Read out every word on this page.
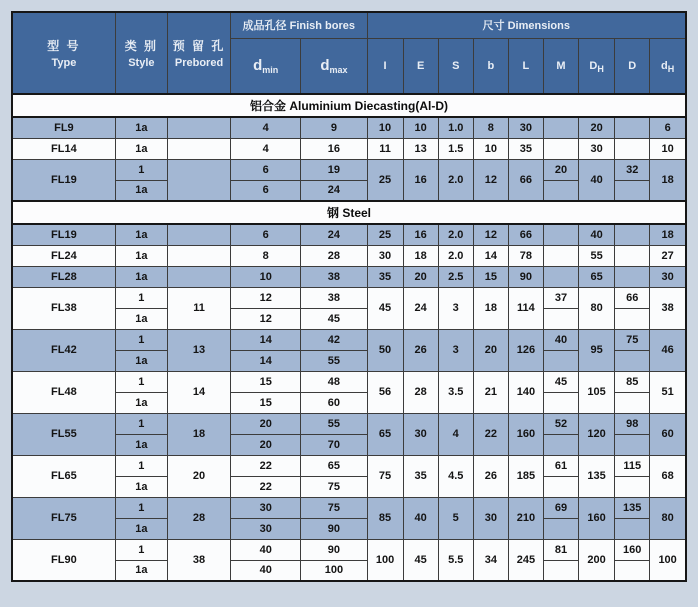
型 号
Type

类 别
Style

预 留 孔
Prebored
	成品孔径 Finish bores	尺寸 Dimensions
			$d_{min}$	$d_{max}$	I	E	S	b	L	M	$D_H$	D	$d_H$
铝合金 Aluminium Diecasting(Al-D)													
FL9	1a		4	9	10	10	1.0	8	30		20		6
FL14	1a		4	16	11	13	1.5	10	35		30		10
FL19	1		6	19	25	16	2.0	12	66	20	40	32	18
	1a		6	24									
钢 Steel													
FL19	1a		6	24	25	16	2.0	12	66		40		18
FL24	1a		8	28	30	18	2.0	14	78		55		27
FL28	1a		10	38	35	20	2.5	15	90		65		30
FL38	1	11	12	38	45	24	3	18	114	37	80	66	38
	1a		12	45									
FL42	1	13	14	42	50	26	3	20	126	40	95	75	46
	1a		14	55									
FL48	1	14	15	48	56	28	3.5	21	140	45	105	85	51
	1a		15	60									
FL55	1	18	20	55	65	30	4	22	160	52	120	98	60
	1a		20	70									
FL65	1	20	22	65	75	35	4.5	26	185	61	135	115	68
	1a		22	75									
FL75	1	28	30	75	85	40	5	30	210	69	160	135	80
	1a		30	90									
FL90	1	38	40	90	100	45	5.5	34	245	81	200	160	100
	1a		40	100									
